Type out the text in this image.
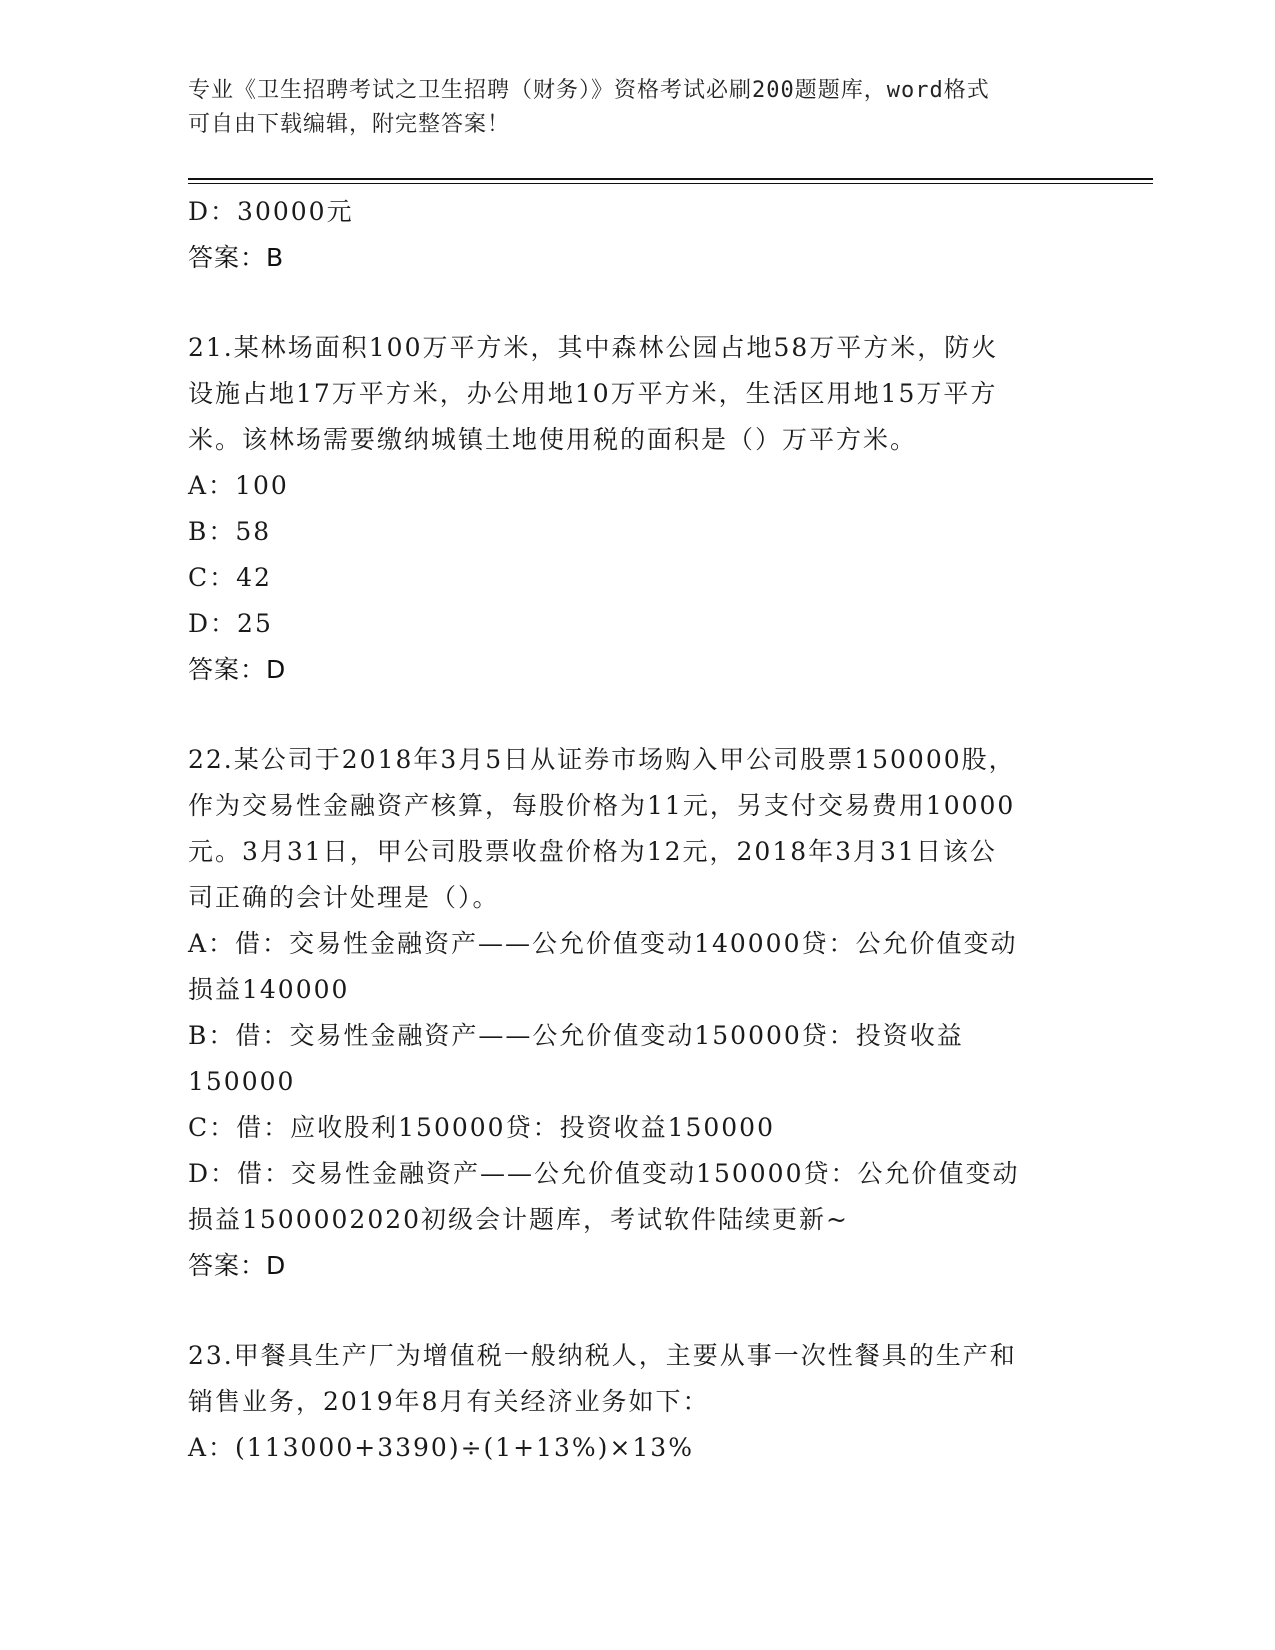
专业《卫生招聘考试之卫生招聘（财务）》资格考试必刷200题题库，word格式
可自由下载编辑，附完整答案！
D：30000元
答案：B
21.某林场面积100万平方米，其中森林公园占地58万平方米，防火
设施占地17万平方米，办公用地10万平方米，生活区用地15万平方
米。该林场需要缴纳城镇土地使用税的面积是（）万平方米。
A：100
B：58
C：42
D：25
答案：D
22.某公司于2018年3月5日从证券市场购入甲公司股票150000股，
作为交易性金融资产核算，每股价格为11元，另支付交易费用10000
元。3月31日，甲公司股票收盘价格为12元，2018年3月31日该公
司正确的会计处理是（）。
A：借：交易性金融资产——公允价值变动140000贷：公允价值变动
损益140000
B：借：交易性金融资产——公允价值变动150000贷：投资收益
150000
C：借：应收股利150000贷：投资收益150000
D：借：交易性金融资产——公允价值变动150000贷：公允价值变动
损益1500002020初级会计题库，考试软件陆续更新~
答案：D
23.甲餐具生产厂为增值税一般纳税人，主要从事一次性餐具的生产和
销售业务，2019年8月有关经济业务如下：
A：(113000+3390)÷(1+13%)×13%
